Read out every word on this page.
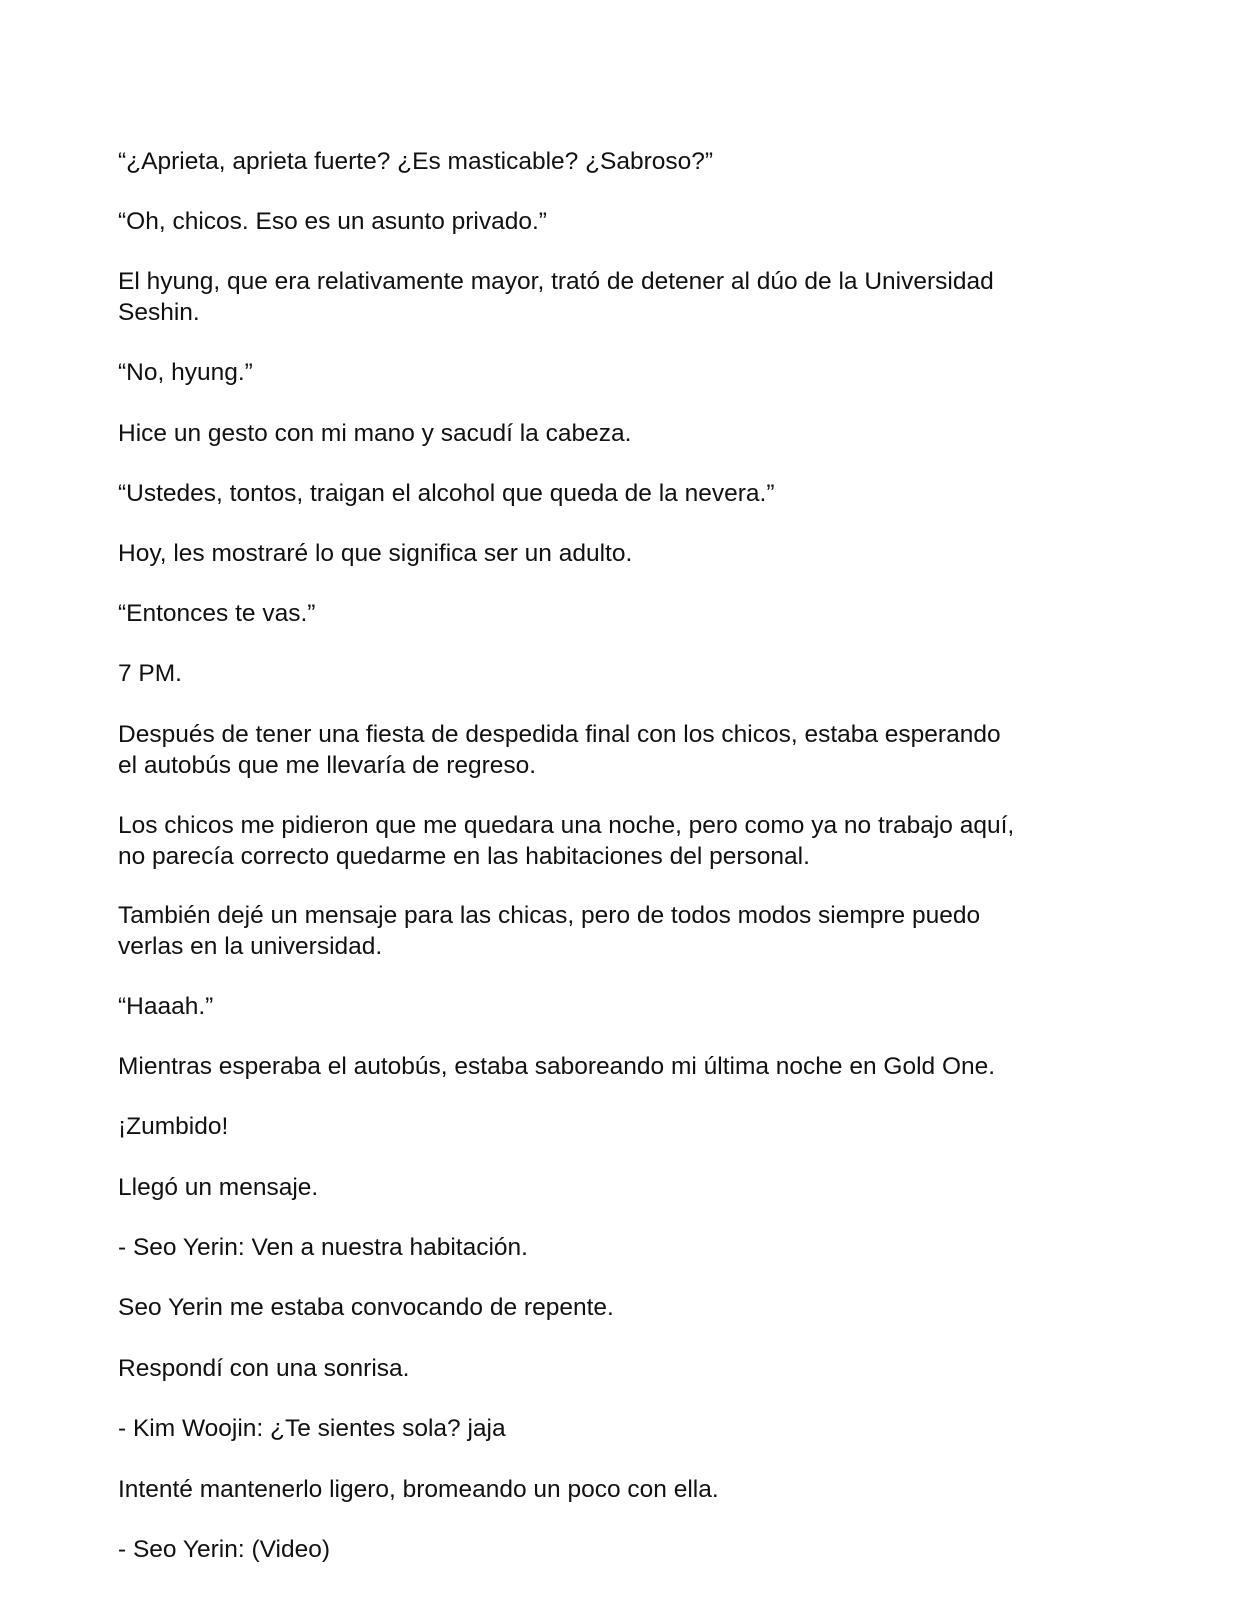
“¿Aprieta, aprieta fuerte? ¿Es masticable? ¿Sabroso?”
“Oh, chicos. Eso es un asunto privado.”
El hyung, que era relativamente mayor, trató de detener al dúo de la Universidad
Seshin.
“No, hyung.”
Hice un gesto con mi mano y sacudí la cabeza.
“Ustedes, tontos, traigan el alcohol que queda de la nevera.”
Hoy, les mostraré lo que significa ser un adulto.
“Entonces te vas.”
7 PM.
Después de tener una fiesta de despedida final con los chicos, estaba esperando
el autobús que me llevaría de regreso.
Los chicos me pidieron que me quedara una noche, pero como ya no trabajo aquí,
no parecía correcto quedarme en las habitaciones del personal.
También dejé un mensaje para las chicas, pero de todos modos siempre puedo
verlas en la universidad.
“Haaah.”
Mientras esperaba el autobús, estaba saboreando mi última noche en Gold One.
¡Zumbido!
Llegó un mensaje.
- Seo Yerin: Ven a nuestra habitación.
Seo Yerin me estaba convocando de repente.
Respondí con una sonrisa.
- Kim Woojin: ¿Te sientes sola? jaja
Intenté mantenerlo ligero, bromeando un poco con ella.
- Seo Yerin: (Video)
